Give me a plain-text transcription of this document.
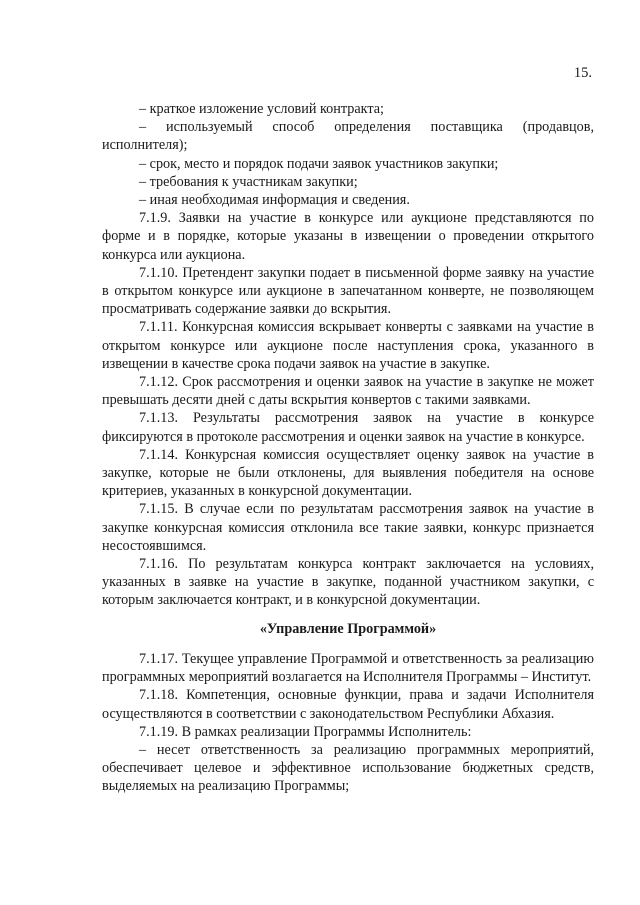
15.

– краткое изложение условий контракта;

– используемый способ определения поставщика (продавцов, исполнителя);

– срок, место и порядок подачи заявок участников закупки;

– требования к участникам закупки;

– иная необходимая информация и сведения.

7.1.9. Заявки на участие в конкурсе или аукционе представляются по форме и в порядке, которые указаны в извещении о проведении открытого конкурса или аукциона.

7.1.10. Претендент закупки подает в письменной форме заявку на участие в открытом конкурсе или аукционе в запечатанном конверте, не позволяющем просматривать содержание заявки до вскрытия.

7.1.11. Конкурсная комиссия вскрывает конверты с заявками на участие в открытом конкурсе или аукционе после наступления срока, указанного в извещении в качестве срока подачи заявок на участие в закупке.

7.1.12. Срок рассмотрения и оценки заявок на участие в закупке не может превышать десяти дней с даты вскрытия конвертов с такими заявками.

7.1.13. Результаты рассмотрения заявок на участие в конкурсе фиксируются в протоколе рассмотрения и оценки заявок на участие в конкурсе.

7.1.14. Конкурсная комиссия осуществляет оценку заявок на участие в закупке, которые не были отклонены, для выявления победителя на основе критериев, указанных в конкурсной документации.

7.1.15. В случае если по результатам рассмотрения заявок на участие в закупке конкурсная комиссия отклонила все такие заявки, конкурс признается несостоявшимся.

7.1.16. По результатам конкурса контракт заключается на условиях, указанных в заявке на участие в закупке, поданной участником закупки, с которым заключается контракт, и в конкурсной документации.

«Управление Программой»

7.1.17. Текущее управление Программой и ответственность за реализацию программных мероприятий возлагается на Исполнителя Программы – Институт.

7.1.18. Компетенция, основные функции, права и задачи Исполнителя осуществляются в соответствии с законодательством Республики Абхазия.

7.1.19. В рамках реализации Программы Исполнитель:

– несет ответственность за реализацию программных мероприятий, обеспечивает целевое и эффективное использование бюджетных средств, выделяемых на реализацию Программы;
